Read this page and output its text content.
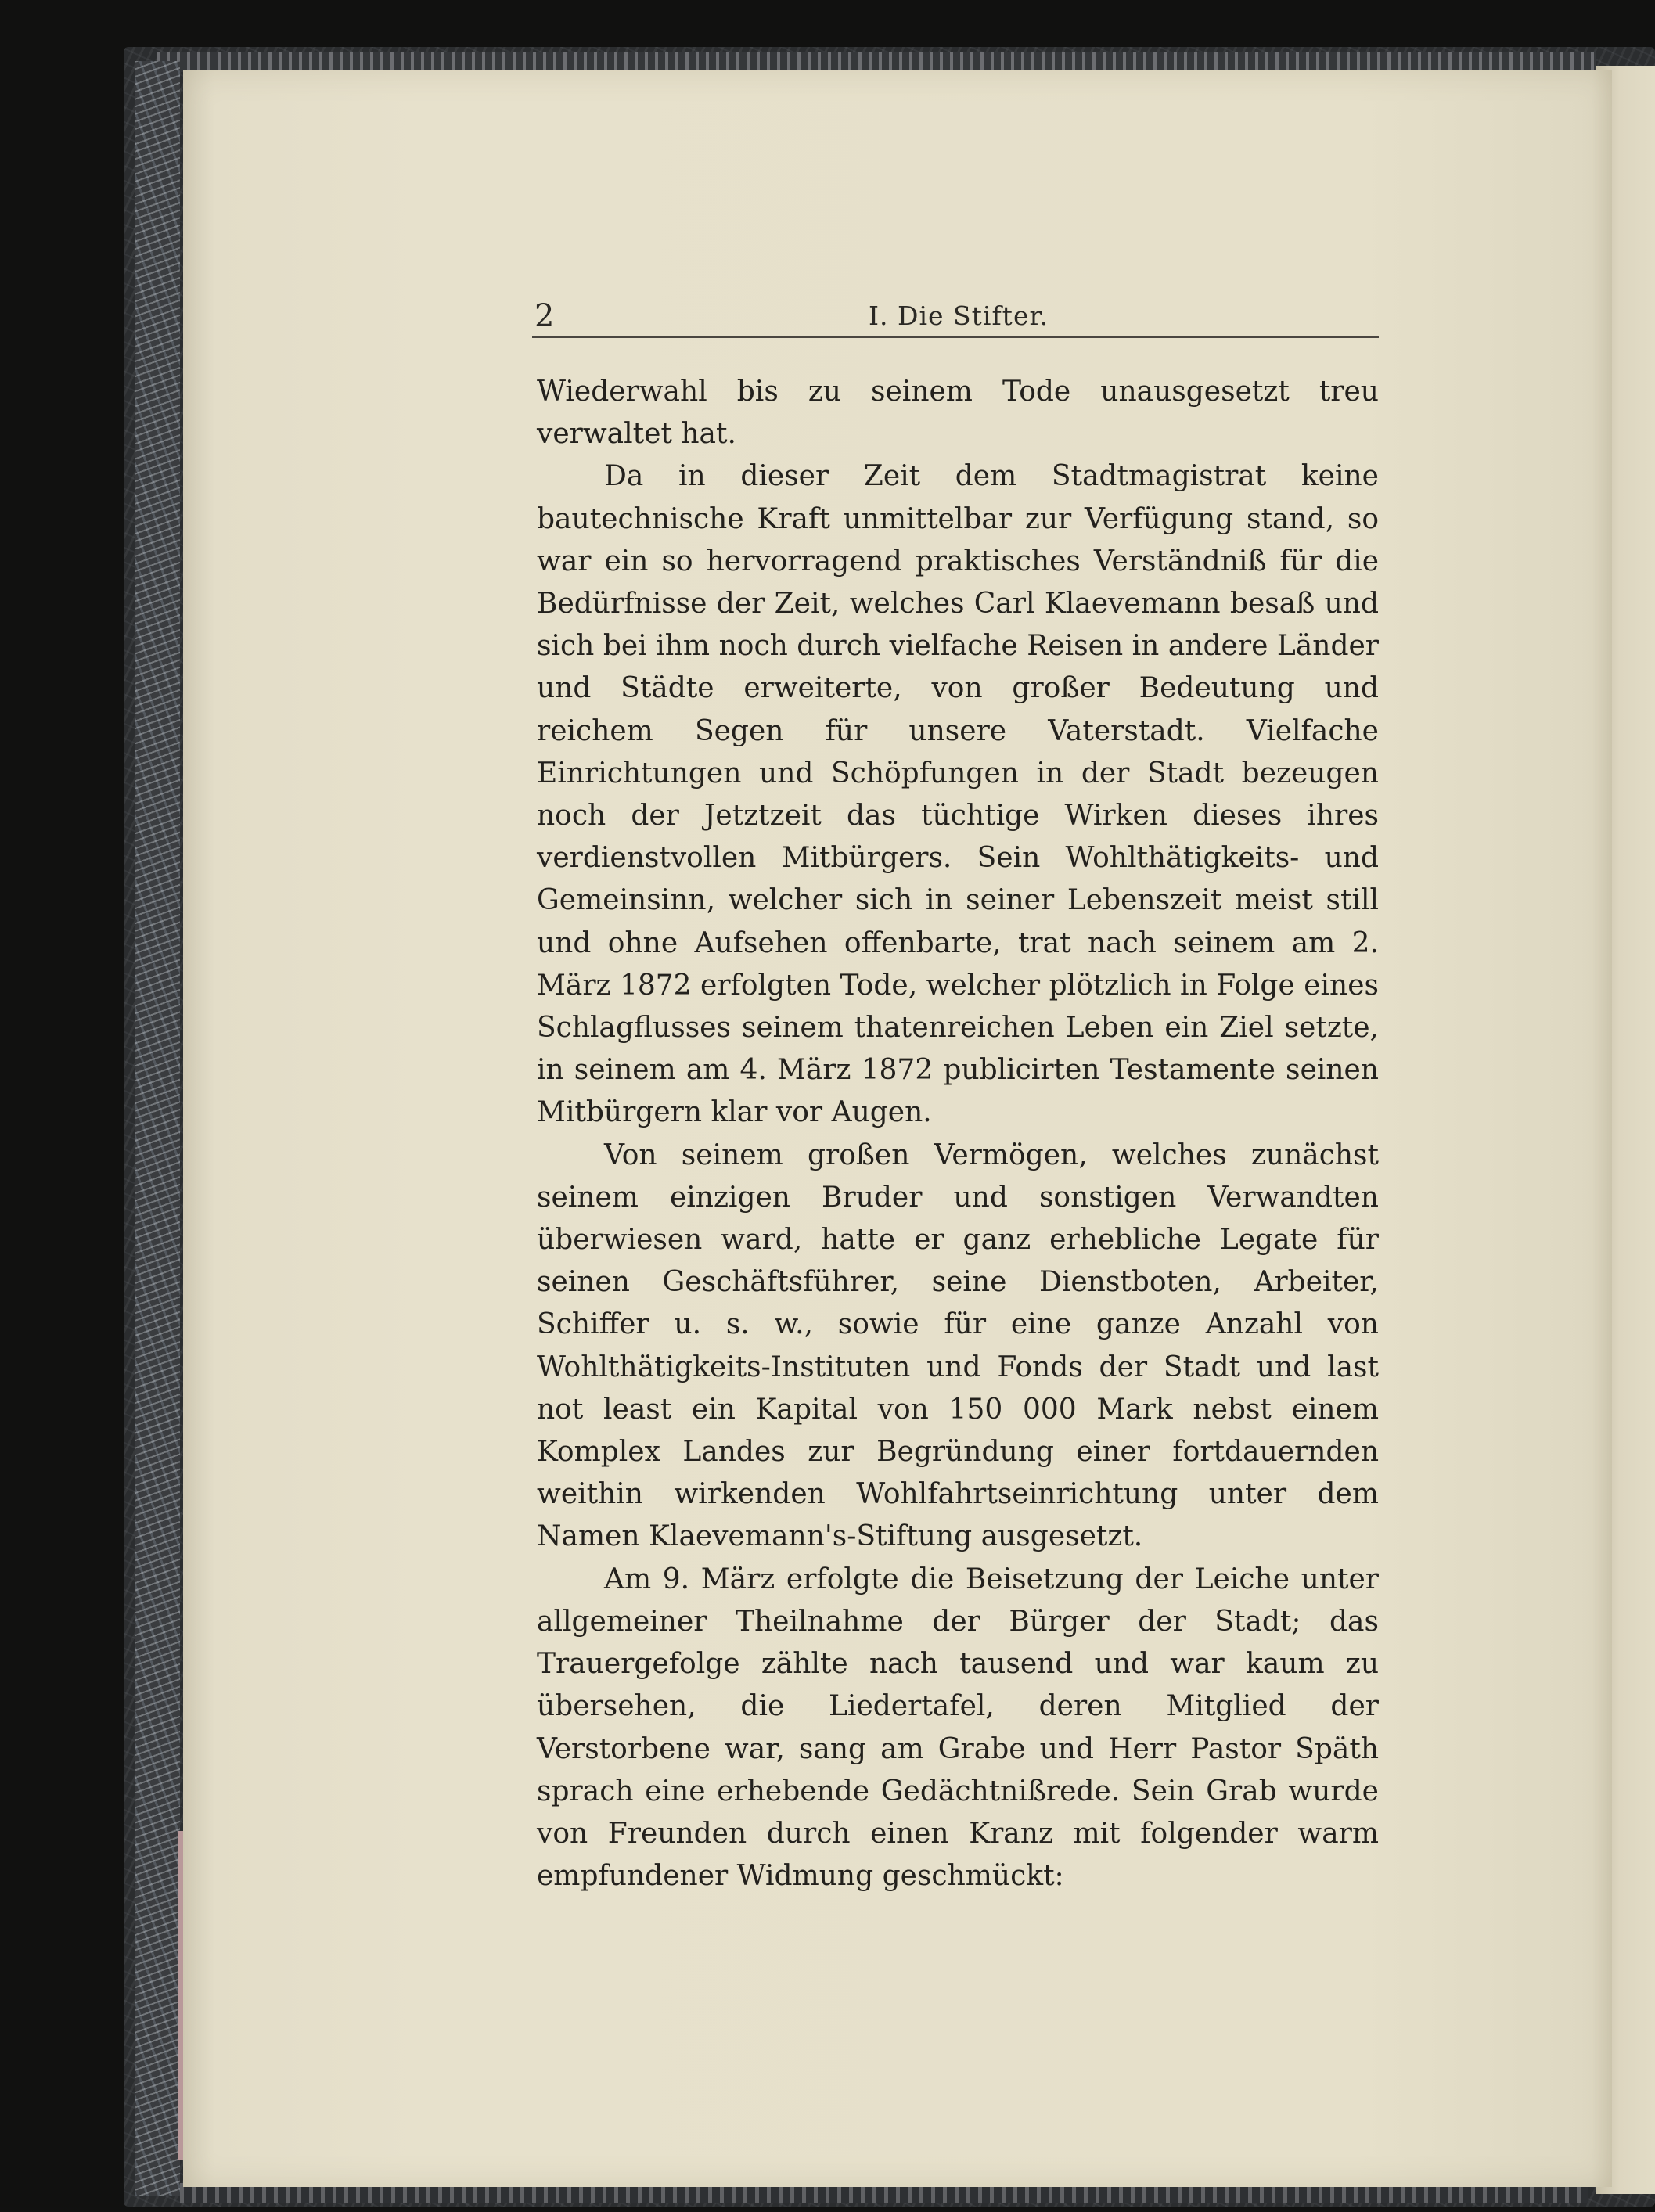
2	I. Die Stifter.

Wiederwahl bis zu seinem Tode unausgesetzt treu verwaltet hat.

Da in dieser Zeit dem Stadtmagistrat keine bautechnische Kraft unmittelbar zur Verfügung stand, so war ein so hervorragend praktisches Verständniß für die Bedürfnisse der Zeit, welches Carl Klaevemann besaß und sich bei ihm noch durch vielfache Reisen in andere Länder und Städte erweiterte, von großer Bedeutung und reichem Segen für unsere Vaterstadt. Vielfache Einrichtungen und Schöpfungen in der Stadt bezeugen noch der Jetztzeit das tüchtige Wirken dieses ihres verdienstvollen Mitbürgers. Sein Wohlthätigkeits- und Gemeinsinn, welcher sich in seiner Lebenszeit meist still und ohne Aufsehen offenbarte, trat nach seinem am 2. März 1872 erfolgten Tode, welcher plötzlich in Folge eines Schlagflusses seinem thatenreichen Leben ein Ziel setzte, in seinem am 4. März 1872 publicirten Testamente seinen Mitbürgern klar vor Augen.

Von seinem großen Vermögen, welches zunächst seinem einzigen Bruder und sonstigen Verwandten überwiesen ward, hatte er ganz erhebliche Legate für seinen Geschäftsführer, seine Dienstboten, Arbeiter, Schiffer u. s. w., sowie für eine ganze Anzahl von Wohlthätigkeits-Instituten und Fonds der Stadt und last not least ein Kapital von 150 000 Mark nebst einem Komplex Landes zur Begründung einer fortdauernden weithin wirkenden Wohlfahrtseinrichtung unter dem Namen Klaevemann's-Stiftung ausgesetzt.

Am 9. März erfolgte die Beisetzung der Leiche unter allgemeiner Theilnahme der Bürger der Stadt; das Trauergefolge zählte nach tausend und war kaum zu übersehen, die Liedertafel, deren Mitglied der Verstorbene war, sang am Grabe und Herr Pastor Späth sprach eine erhebende Gedächtnißrede. Sein Grab wurde von Freunden durch einen Kranz mit folgender warm empfundener Widmung geschmückt:
